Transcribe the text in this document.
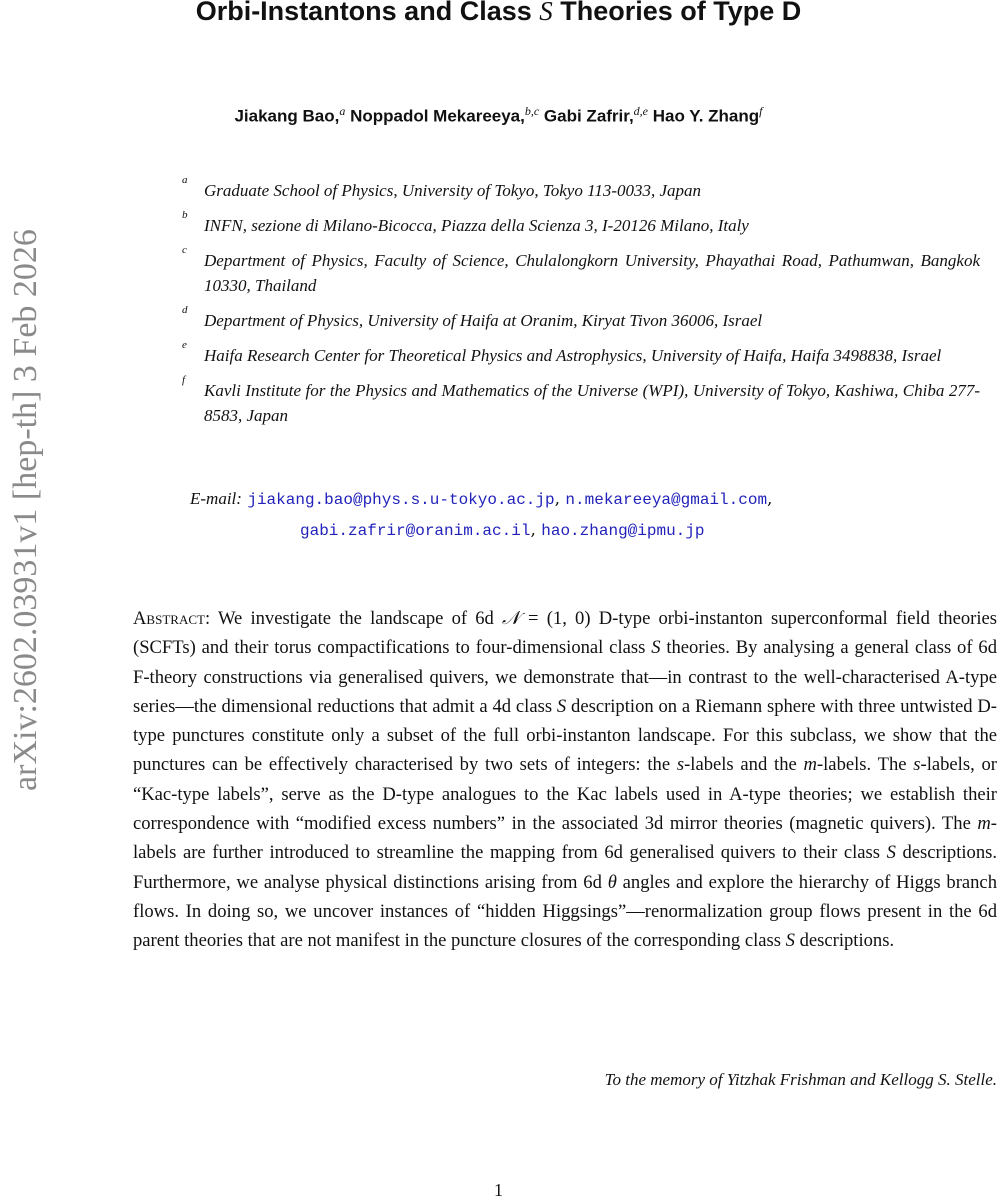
arXiv:2602.03931v1 [hep-th] 3 Feb 2026
Orbi-Instantons and Class S Theories of Type D
Jiakang Bao,$^a$ Noppadol Mekareeya,$^{b,c}$ Gabi Zafrir,$^{d,e}$ Hao Y. Zhang$^f$
a
Graduate School of Physics, University of Tokyo, Tokyo 113-0033, Japan
b
INFN, sezione di Milano-Bicocca, Piazza della Scienza 3, I-20126 Milano, Italy
c
Department of Physics, Faculty of Science, Chulalongkorn University, Phayathai Road, Pathumwan, Bangkok 10330, Thailand
d
Department of Physics, University of Haifa at Oranim, Kiryat Tivon 36006, Israel
e
Haifa Research Center for Theoretical Physics and Astrophysics, University of Haifa, Haifa 3498838, Israel
f
Kavli Institute for the Physics and Mathematics of the Universe (WPI), University of Tokyo, Kashiwa, Chiba 277-8583, Japan
E-mail: jiakang.bao@phys.s.u-tokyo.ac.jp, n.mekareeya@gmail.com,
gabi.zafrir@oranim.ac.il, hao.zhang@ipmu.jp

Abstract: We investigate the landscape of 6d 𝒩 = (1, 0) D-type orbi-instanton superconformal field theories (SCFTs) and their torus compactifications to four-dimensional class S theories. By analysing a general class of 6d F-theory constructions via generalised quivers, we demonstrate that—in contrast to the well-characterised A-type series—the dimensional reductions that admit a 4d class S description on a Riemann sphere with three untwisted D-type punctures constitute only a subset of the full orbi-instanton landscape. For this subclass, we show that the punctures can be effectively characterised by two sets of integers: the s-labels and the m-labels. The s-labels, or “Kac-type labels”, serve as the D-type analogues to the Kac labels used in A-type theories; we establish their correspondence with “modified excess numbers” in the associated 3d mirror theories (magnetic quivers). The m-labels are further introduced to streamline the mapping from 6d generalised quivers to their class S descriptions. Furthermore, we analyse physical distinctions arising from 6d θ angles and explore the hierarchy of Higgs branch flows. In doing so, we uncover instances of “hidden Higgsings”—renormalization group flows present in the 6d parent theories that are not manifest in the puncture closures of the corresponding class S descriptions.

To the memory of Yitzhak Frishman and Kellogg S. Stelle.

1
